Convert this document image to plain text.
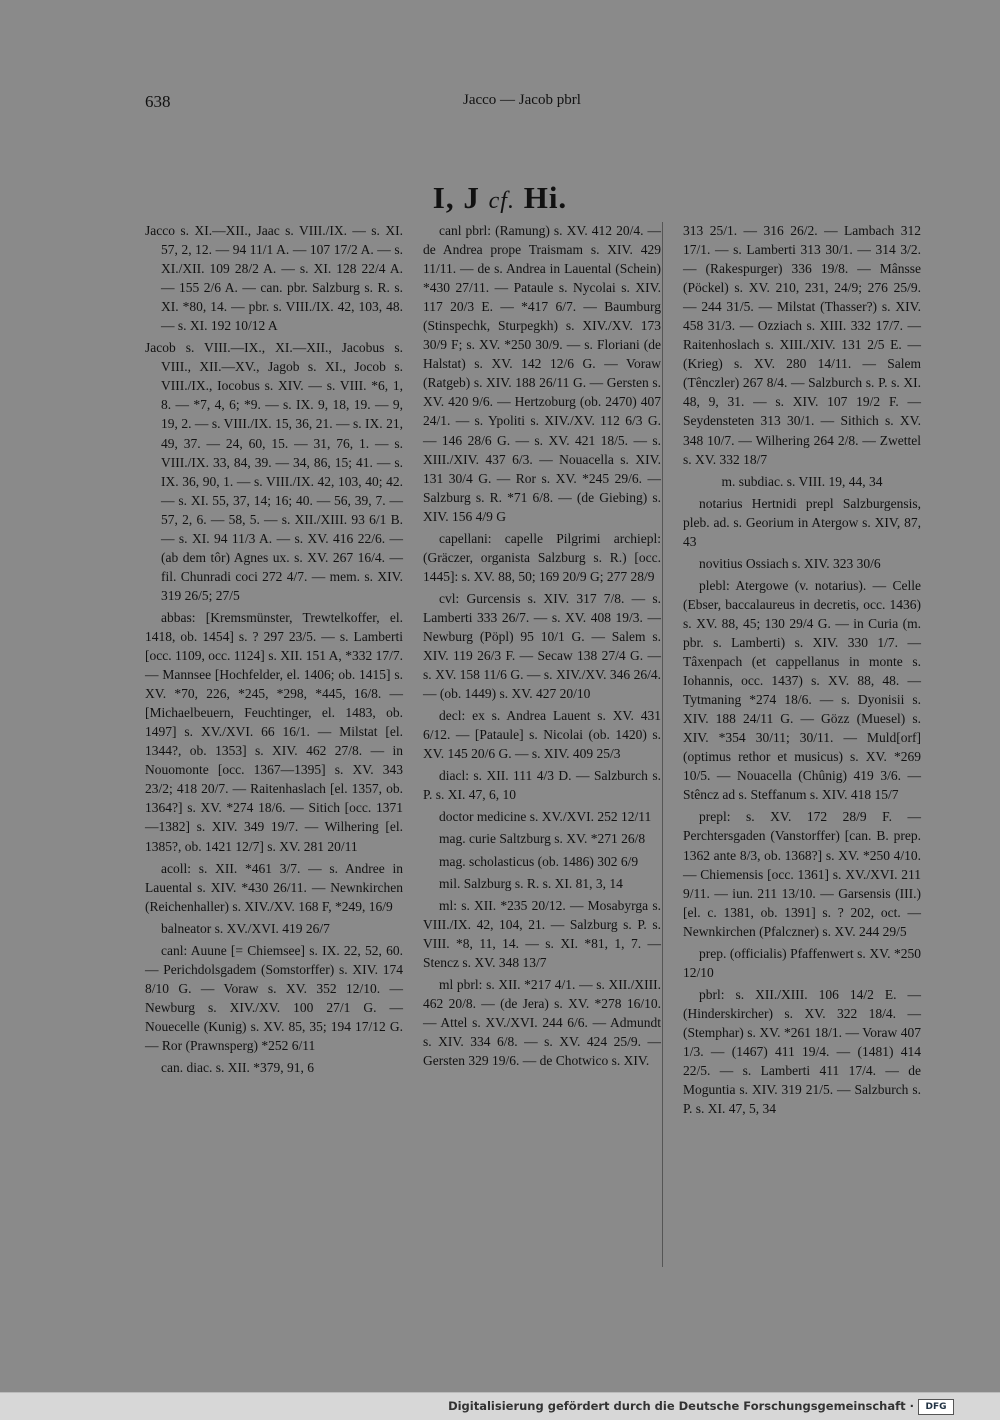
638	Jacco — Jacob pbrl
I, J cf. Hi.

Jacco s. XI.—XII., Jaac s. VIII./IX. — s. XI. 57, 2, 12. — 94 11/1 A. — 107 17/2 A. — s. XI./XII. 109 28/2 A. — s. XI. 128 22/4 A. — 155 2/6 A. — can. pbr. Salzburg s. R. s. XI. *80, 14. — pbr. s. VIII./IX. 42, 103, 48. — s. XI. 192 10/12 A

Jacob s. VIII.—IX., XI.—XII., Jacobus s. VIII., XII.—XV., Jagob s. XI., Jocob s. VIII./IX., Iocobus s. XIV. — s. VIII. *6, 1, 8. — *7, 4, 6; *9. — s. IX. 9, 18, 19. — 9, 19, 2. — s. VIII./IX. 15, 36, 21. — s. IX. 21, 49, 37. — 24, 60, 15. — 31, 76, 1. — s. VIII./IX. 33, 84, 39. — 34, 86, 15; 41. — s. IX. 36, 90, 1. — s. VIII./IX. 42, 103, 40; 42. — s. XI. 55, 37, 14; 16; 40. — 56, 39, 7. — 57, 2, 6. — 58, 5. — s. XII./XIII. 93 6/1 B. — s. XI. 94 11/3 A. — s. XV. 416 22/6. — (ab dem tôr) Agnes ux. s. XV. 267 16/4. — fil. Chunradi coci 272 4/7. — mem. s. XIV. 319 26/5; 27/5

abbas: [Kremsmünster, Trewtelkoffer, el. 1418, ob. 1454] s. ? 297 23/5. — s. Lamberti [occ. 1109, occ. 1124] s. XII. 151 A, *332 17/7. — Mannsee [Hochfelder, el. 1406; ob. 1415] s. XV. *70, 226, *245, *298, *445, 16/8. — [Michaelbeuern, Feuchtinger, el. 1483, ob. 1497] s. XV./XVI. 66 16/1. — Milstat [el. 1344?, ob. 1353] s. XIV. 462 27/8. — in Nouomonte [occ. 1367—1395] s. XV. 343 23/2; 418 20/7. — Raitenhaslach [el. 1357, ob. 1364?] s. XV. *274 18/6. — Sitich [occ. 1371—1382] s. XIV. 349 19/7. — Wilhering [el. 1385?, ob. 1421 12/7] s. XV. 281 20/11

acoll: s. XII. *461 3/7. — s. Andree in Lauental s. XIV. *430 26/11. — Newnkirchen (Reichenhaller) s. XIV./XV. 168 F, *249, 16/9

balneator s. XV./XVI. 419 26/7

canl: Auune [= Chiemsee] s. IX. 22, 52, 60. — Perichdolsgadem (Somstorffer) s. XIV. 174 8/10 G. — Voraw s. XV. 352 12/10. — Newburg s. XIV./XV. 100 27/1 G. — Nouecelle (Kunig) s. XV. 85, 35; 194 17/12 G. — Ror (Prawnsperg) *252 6/11

can. diac. s. XII. *379, 91, 6

canl pbrl: (Ramung) s. XV. 412 20/4. — de Andrea prope Traismam s. XIV. 429 11/11. — de s. Andrea in Lauental (Schein) *430 27/11. — Pataule s. Nycolai s. XIV. 117 20/3 E. — *417 6/7. — Baumburg (Stinspechk, Sturpegkh) s. XIV./XV. 173 30/9 F; s. XV. *250 30/9. — s. Floriani (de Halstat) s. XV. 142 12/6 G. — Voraw (Ratgeb) s. XIV. 188 26/11 G. — Gersten s. XV. 420 9/6. — Hertzoburg (ob. 2470) 407 24/1. — s. Ypoliti s. XIV./XV. 112 6/3 G. — 146 28/6 G. — s. XV. 421 18/5. — s. XIII./XIV. 437 6/3. — Nouacella s. XIV. 131 30/4 G. — Ror s. XV. *245 29/6. — Salzburg s. R. *71 6/8. — (de Giebing) s. XIV. 156 4/9 G

capellani: capelle Pilgrimi archiepl: (Gräczer, organista Salzburg s. R.) [occ. 1445]: s. XV. 88, 50; 169 20/9 G; 277 28/9

cvl: Gurcensis s. XIV. 317 7/8. — s. Lamberti 333 26/7. — s. XV. 408 19/3. — Newburg (Pöpl) 95 10/1 G. — Salem s. XIV. 119 26/3 F. — Secaw 138 27/4 G. — s. XV. 158 11/6 G. — s. XIV./XV. 346 26/4. — (ob. 1449) s. XV. 427 20/10

decl: ex s. Andrea Lauent s. XV. 431 6/12. — [Pataule] s. Nicolai (ob. 1420) s. XV. 145 20/6 G. — s. XIV. 409 25/3

diacl: s. XII. 111 4/3 D. — Salzburch s. P. s. XI. 47, 6, 10

doctor medicine s. XV./XVI. 252 12/11

mag. curie Saltzburg s. XV. *271 26/8

mag. scholasticus (ob. 1486) 302 6/9

mil. Salzburg s. R. s. XI. 81, 3, 14

ml: s. XII. *235 20/12. — Mosabyrga s. VIII./IX. 42, 104, 21. — Salzburg s. P. s. VIII. *8, 11, 14. — s. XI. *81, 1, 7. — Stencz s. XV. 348 13/7

ml pbrl: s. XII. *217 4/1. — s. XII./XIII. 462 20/8. — (de Jera) s. XV. *278 16/10. — Attel s. XV./XVI. 244 6/6. — Admundt s. XIV. 334 6/8. — s. XV. 424 25/9. — Gersten 329 19/6. — de Chotwico s. XIV.

313 25/1. — 316 26/2. — Lambach 312 17/1. — s. Lamberti 313 30/1. — 314 3/2. — (Rakespurger) 336 19/8. — Mânsse (Pöckel) s. XV. 210, 231, 24/9; 276 25/9. — 244 31/5. — Milstat (Thasser?) s. XIV. 458 31/3. — Ozziach s. XIII. 332 17/7. — Raitenhoslach s. XIII./XIV. 131 2/5 E. — (Krieg) s. XV. 280 14/11. — Salem (Tênczler) 267 8/4. — Salzburch s. P. s. XI. 48, 9, 31. — s. XIV. 107 19/2 F. — Seydensteten 313 30/1. — Sithich s. XV. 348 10/7. — Wilhering 264 2/8. — Zwettel s. XV. 332 18/7

m. subdiac. s. VIII. 19, 44, 34

notarius Hertnidi prepl Salzburgensis, pleb. ad. s. Georium in Atergow s. XIV, 87, 43

novitius Ossiach s. XIV. 323 30/6

plebl: Atergowe (v. notarius). — Celle (Ebser, baccalaureus in decretis, occ. 1436) s. XV. 88, 45; 130 29/4 G. — in Curia (m. pbr. s. Lamberti) s. XIV. 330 1/7. — Tâxenpach (et cappellanus in monte s. Iohannis, occ. 1437) s. XV. 88, 48. — Tytmaning *274 18/6. — s. Dyonisii s. XIV. 188 24/11 G. — Gözz (Muesel) s. XIV. *354 30/11; 30/11. — Muld[orf] (optimus rethor et musicus) s. XV. *269 10/5. — Nouacella (Chûnig) 419 3/6. — Stêncz ad s. Steffanum s. XIV. 418 15/7

prepl: s. XV. 172 28/9 F. — Perchtersgaden (Vanstorffer) [can. B. prep. 1362 ante 8/3, ob. 1368?] s. XV. *250 4/10. — Chiemensis [occ. 1361] s. XV./XVI. 211 9/11. — iun. 211 13/10. — Garsensis (III.) [el. c. 1381, ob. 1391] s. ? 202, oct. — Newnkirchen (Pfalczner) s. XV. 244 29/5

prep. (officialis) Pfaffenwert s. XV. *250 12/10

pbrl: s. XII./XIII. 106 14/2 E. — (Hinderskircher) s. XV. 322 18/4. — (Stemphar) s. XV. *261 18/1. — Voraw 407 1/3. — (1467) 411 19/4. — (1481) 414 22/5. — s. Lamberti 411 17/4. — de Moguntia s. XIV. 319 21/5. — Salzburch s. P. s. XI. 47, 5, 34

Digitalisierung gefördert durch die Deutsche Forschungsgemeinschaft ·	DFG
